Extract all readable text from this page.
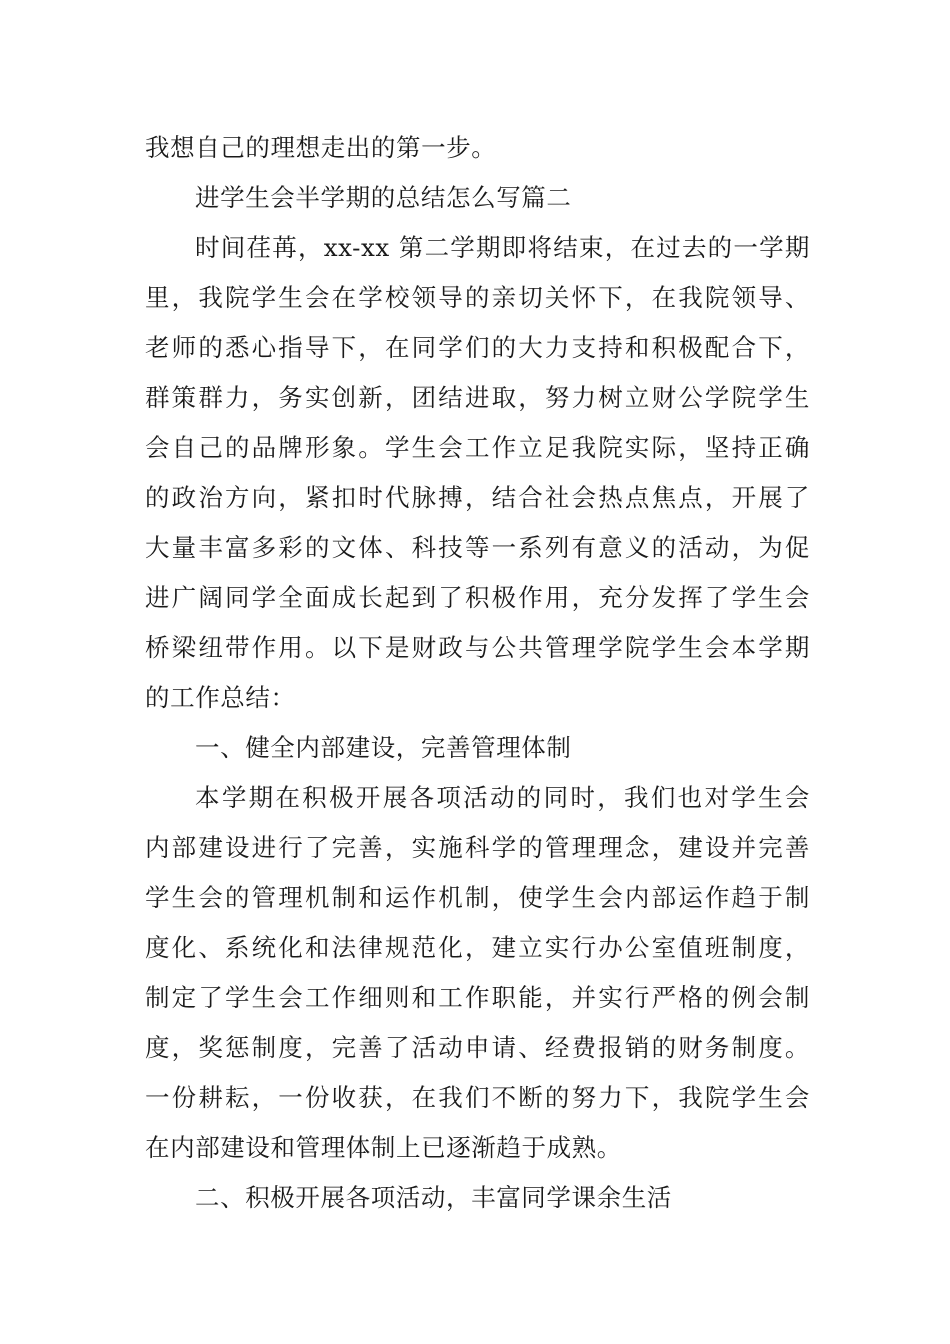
我想自己的理想走出的第一步。
进学生会半学期的总结怎么写篇二
时间荏苒，xx-xx 第二学期即将结束，在过去的一学期
里，我院学生会在学校领导的亲切关怀下，在我院领导、
老师的悉心指导下，在同学们的大力支持和积极配合下，
群策群力，务实创新，团结进取，努力树立财公学院学生
会自己的品牌形象。学生会工作立足我院实际，坚持正确
的政治方向，紧扣时代脉搏，结合社会热点焦点，开展了
大量丰富多彩的文体、科技等一系列有意义的活动，为促
进广阔同学全面成长起到了积极作用，充分发挥了学生会
桥梁纽带作用。以下是财政与公共管理学院学生会本学期
的工作总结：
一、健全内部建设，完善管理体制
本学期在积极开展各项活动的同时，我们也对学生会
内部建设进行了完善，实施科学的管理理念，建设并完善
学生会的管理机制和运作机制，使学生会内部运作趋于制
度化、系统化和法律规范化，建立实行办公室值班制度，
制定了学生会工作细则和工作职能，并实行严格的例会制
度，奖惩制度，完善了活动申请、经费报销的财务制度。
一份耕耘，一份收获，在我们不断的努力下，我院学生会
在内部建设和管理体制上已逐渐趋于成熟。
二、积极开展各项活动，丰富同学课余生活
